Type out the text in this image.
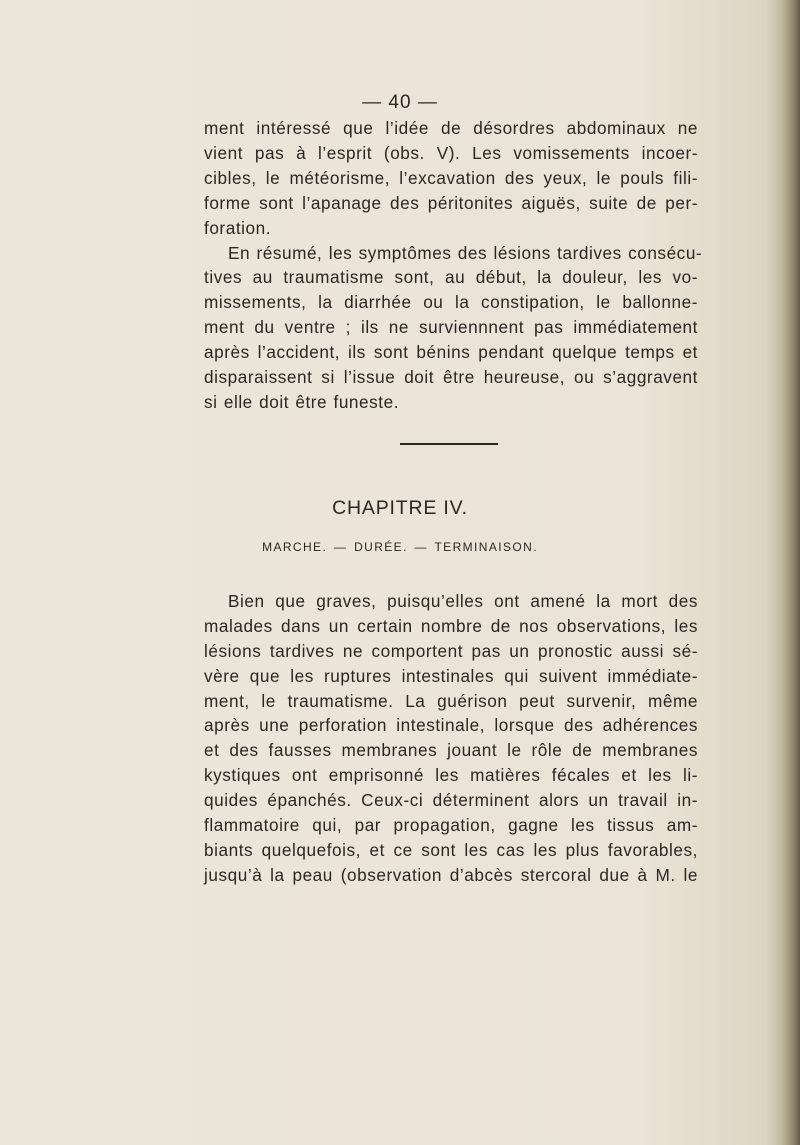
— 40 —
ment intéressé que l’idée de désordres abdominaux ne
vient pas à l’esprit (obs. V). Les vomissements incoer-
cibles, le météorisme, l’excavation des yeux, le pouls fili-
forme sont l’apanage des péritonites aiguës, suite de per-
foration.
En résumé, les symptômes des lésions tardives consécu-
tives au traumatisme sont, au début, la douleur, les vo-
missements, la diarrhée ou la constipation, le ballonne-
ment du ventre ; ils ne surviennnent pas immédiatement
après l’accident, ils sont bénins pendant quelque temps et
disparaissent si l’issue doit être heureuse, ou s’aggravent
si elle doit être funeste.
CHAPITRE IV.
MARCHE. — DURÉE. — TERMINAISON.
Bien que graves, puisqu’elles ont amené la mort des
malades dans un certain nombre de nos observations, les
lésions tardives ne comportent pas un pronostic aussi sé-
vère que les ruptures intestinales qui suivent immédiate-
ment, le traumatisme. La guérison peut survenir, même
après une perforation intestinale, lorsque des adhérences
et des fausses membranes jouant le rôle de membranes
kystiques ont emprisonné les matières fécales et les li-
quides épanchés. Ceux-ci déterminent alors un travail in-
flammatoire qui, par propagation, gagne les tissus am-
biants quelquefois, et ce sont les cas les plus favorables,
jusqu’à la peau (observation d’abcès stercoral due à M. le
